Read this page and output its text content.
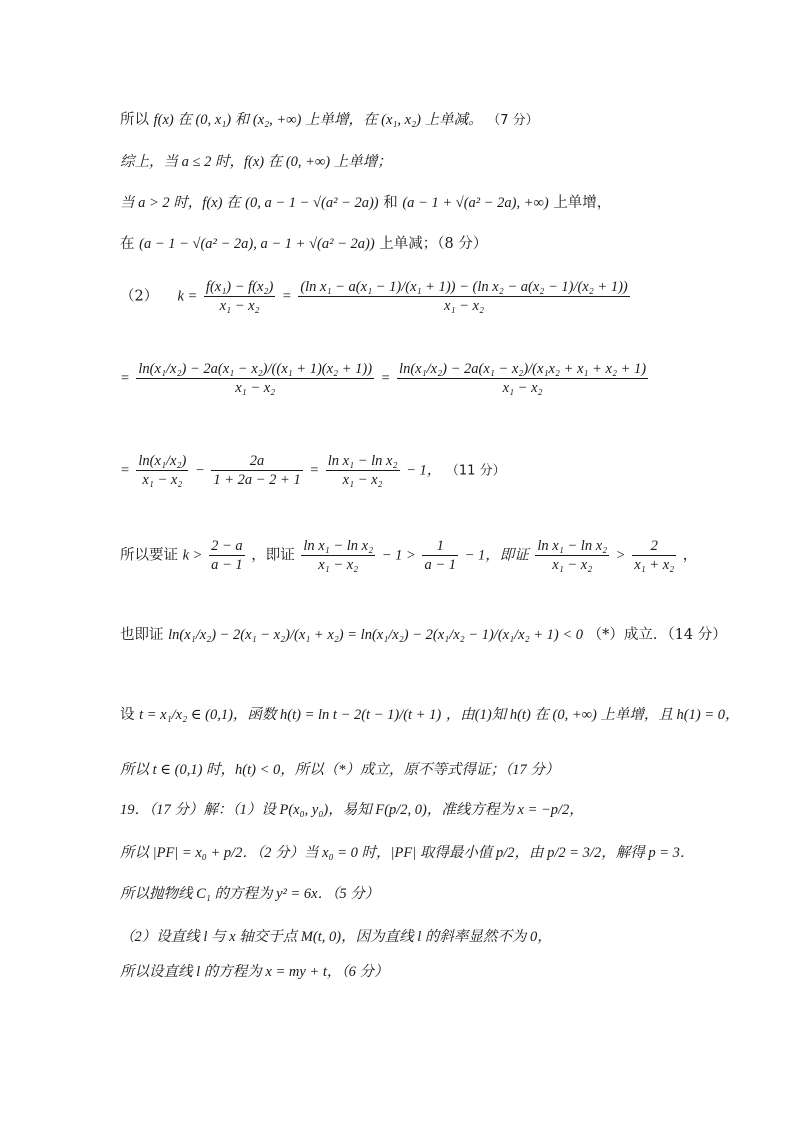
所以 f(x) 在 (0, x₁) 和 (x₂, +∞) 上单增，在 (x₁, x₂) 上单减。 （7 分）
综上，当 a ≤ 2 时，f(x) 在 (0, +∞) 上单增；
当 a > 2 时，f(x) 在 (0, a − 1 − √(a² − 2a)) 和 (a − 1 + √(a² − 2a), +∞) 上单增，
在 (a − 1 − √(a² − 2a), a − 1 + √(a² − 2a)) 上单减；（8 分）
（2） $k = \frac{\text{f(x₁) − f(x₂)}}{\text{x₁ − x₂}} = \frac{\text{(ln x₁ − a(x₁ − 1)/(x₁ + 1)) − (ln x₂ − a(x₂ − 1)/(x₂ + 1))}}{\text{x₁ − x₂}}$
= $\frac{\text{ln(x₁/x₂) − 2a(x₁ − x₂)/((x₁ + 1)(x₂ + 1))}}{\text{x₁ − x₂}} = \frac{\text{ln(x₁/x₂) − 2a(x₁ − x₂)/(x₁x₂ + x₁ + x₂ + 1)}}{\text{x₁ − x₂}}$
= $\frac{\text{ln(x₁/x₂)}}{\text{x₁ − x₂}} - \frac{2a}{1 + 2a - 2 + 1} = \frac{\text{ln x₁ − ln x₂}}{\text{x₁ − x₂}} - 1$， （11 分）
所以要证 $k > \frac{2 - a}{a - 1}$ ，即证 $\frac{\text{ln x₁ − ln x₂}}{\text{x₁ − x₂}} - 1 > \frac{1}{a - 1} - 1$，即证 $\frac{\text{ln x₁ − ln x₂}}{\text{x₁ − x₂}} > \frac{2}{\text{x₁ + x₂}}$ ，
也即证 ln(x₁/x₂) − 2(x₁ − x₂)/(x₁ + x₂) = ln(x₁/x₂) − 2(x₁/x₂ − 1)/(x₁/x₂ + 1) < 0 （*）成立．（14 分）
设 t = x₁/x₂ ∈ (0,1)，函数 h(t) = ln t − 2(t − 1)/(t + 1) ，由(1)知 h(t) 在 (0, +∞) 上单增，且 h(1) = 0，
所以 t ∈ (0,1) 时，h(t) < 0，所以（*）成立，原不等式得证；（17 分）
19．（17 分）解：（1）设 P(x₀, y₀)，易知 F(p/2, 0)，准线方程为 x = −p/2，
所以 |PF| = x₀ + p/2．（2 分）当 x₀ = 0 时，|PF| 取得最小值 p/2，由 p/2 = 3/2，解得 p = 3．
所以抛物线 C₁ 的方程为 y² = 6x．（5 分）
（2）设直线 l 与 x 轴交于点 M(t, 0)，因为直线 l 的斜率显然不为 0，
所以设直线 l 的方程为 x = my + t，（6 分）
